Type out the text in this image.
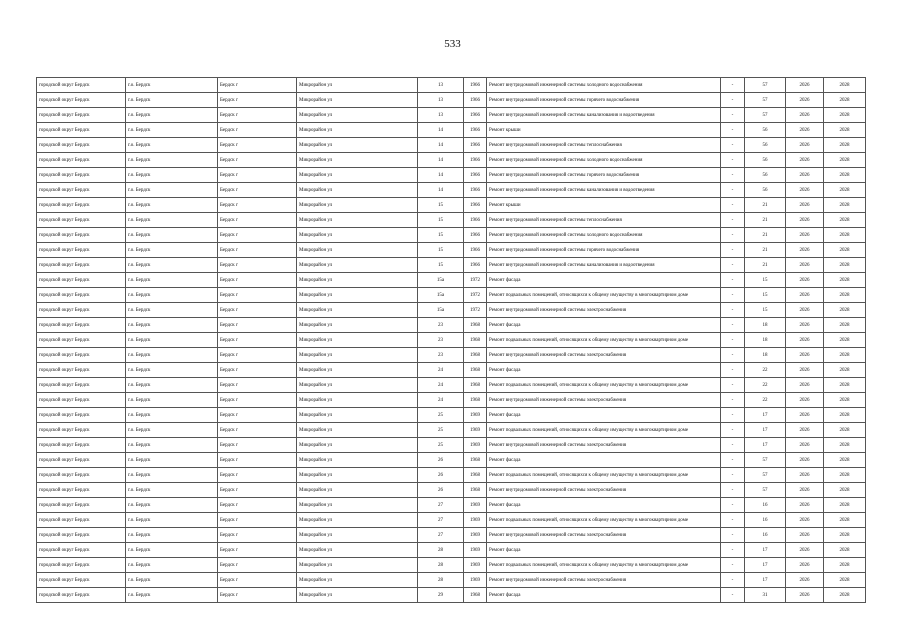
533
городской округ Бердск	г.о. Бердск	Бердск г	Микрорайон ул	13	1966	Ремонт внутридомовой инженерной системы холодного водоснабжения	-	57	2026	2028
городской округ Бердск	г.о. Бердск	Бердск г	Микрорайон ул	13	1966	Ремонт внутридомовой инженерной системы горячего водоснабжения	-	57	2026	2028
городской округ Бердск	г.о. Бердск	Бердск г	Микрорайон ул	13	1966	Ремонт внутридомовой инженерной системы канализования и водоотведения	-	57	2026	2028
городской округ Бердск	г.о. Бердск	Бердск г	Микрорайон ул	14	1966	Ремонт крыши	-	56	2026	2028
городской округ Бердск	г.о. Бердск	Бердск г	Микрорайон ул	14	1966	Ремонт внутридомовой инженерной системы теплоснабжения	-	56	2026	2028
городской округ Бердск	г.о. Бердск	Бердск г	Микрорайон ул	14	1966	Ремонт внутридомовой инженерной системы холодного водоснабжения	-	56	2026	2028
городской округ Бердск	г.о. Бердск	Бердск г	Микрорайон ул	14	1966	Ремонт внутридомовой инженерной системы горячего водоснабжения	-	56	2026	2028
городской округ Бердск	г.о. Бердск	Бердск г	Микрорайон ул	14	1966	Ремонт внутридомовой инженерной системы канализования и водоотведения	-	56	2026	2028
городской округ Бердск	г.о. Бердск	Бердск г	Микрорайон ул	15	1966	Ремонт крыши	-	21	2026	2028
городской округ Бердск	г.о. Бердск	Бердск г	Микрорайон ул	15	1966	Ремонт внутридомовой инженерной системы теплоснабжения	-	21	2026	2028
городской округ Бердск	г.о. Бердск	Бердск г	Микрорайон ул	15	1966	Ремонт внутридомовой инженерной системы холодного водоснабжения	-	21	2026	2028
городской округ Бердск	г.о. Бердск	Бердск г	Микрорайон ул	15	1966	Ремонт внутридомовой инженерной системы горячего водоснабжения	-	21	2026	2028
городской округ Бердск	г.о. Бердск	Бердск г	Микрорайон ул	15	1966	Ремонт внутридомовой инженерной системы канализования и водоотведения	-	21	2026	2028
городской округ Бердск	г.о. Бердск	Бердск г	Микрорайон ул	15а	1972	Ремонт фасада	-	15	2026	2028
городской округ Бердск	г.о. Бердск	Бердск г	Микрорайон ул	15а	1972	Ремонт подвальных помещений, относящихся к общему имуществу в многоквартирном доме	-	15	2026	2028
городской округ Бердск	г.о. Бердск	Бердск г	Микрорайон ул	15а	1972	Ремонт внутридомовой инженерной системы электроснабжения	-	15	2026	2028
городской округ Бердск	г.о. Бердск	Бердск г	Микрорайон ул	23	1968	Ремонт фасада	-	18	2026	2028
городской округ Бердск	г.о. Бердск	Бердск г	Микрорайон ул	23	1968	Ремонт подвальных помещений, относящихся к общему имуществу в многоквартирном доме	-	18	2026	2028
городской округ Бердск	г.о. Бердск	Бердск г	Микрорайон ул	23	1968	Ремонт внутридомовой инженерной системы электроснабжения	-	18	2026	2028
городской округ Бердск	г.о. Бердск	Бердск г	Микрорайон ул	24	1968	Ремонт фасада	-	22	2026	2028
городской округ Бердск	г.о. Бердск	Бердск г	Микрорайон ул	24	1968	Ремонт подвальных помещений, относящихся к общему имуществу в многоквартирном доме	-	22	2026	2028
городской округ Бердск	г.о. Бердск	Бердск г	Микрорайон ул	24	1968	Ремонт внутридомовой инженерной системы электроснабжения	-	22	2026	2028
городской округ Бердск	г.о. Бердск	Бердск г	Микрорайон ул	25	1969	Ремонт фасада	-	17	2026	2028
городской округ Бердск	г.о. Бердск	Бердск г	Микрорайон ул	25	1969	Ремонт подвальных помещений, относящихся к общему имуществу в многоквартирном доме	-	17	2026	2028
городской округ Бердск	г.о. Бердск	Бердск г	Микрорайон ул	25	1969	Ремонт внутридомовой инженерной системы электроснабжения	-	17	2026	2028
городской округ Бердск	г.о. Бердск	Бердск г	Микрорайон ул	26	1968	Ремонт фасада	-	57	2026	2028
городской округ Бердск	г.о. Бердск	Бердск г	Микрорайон ул	26	1968	Ремонт подвальных помещений, относящихся к общему имуществу в многоквартирном доме	-	57	2026	2028
городской округ Бердск	г.о. Бердск	Бердск г	Микрорайон ул	26	1968	Ремонт внутридомовой инженерной системы электроснабжения	-	57	2026	2028
городской округ Бердск	г.о. Бердск	Бердск г	Микрорайон ул	27	1969	Ремонт фасада	-	16	2026	2028
городской округ Бердск	г.о. Бердск	Бердск г	Микрорайон ул	27	1969	Ремонт подвальных помещений, относящихся к общему имуществу в многоквартирном доме	-	16	2026	2028
городской округ Бердск	г.о. Бердск	Бердск г	Микрорайон ул	27	1969	Ремонт внутридомовой инженерной системы электроснабжения	-	16	2026	2028
городской округ Бердск	г.о. Бердск	Бердск г	Микрорайон ул	28	1969	Ремонт фасада	-	17	2026	2028
городской округ Бердск	г.о. Бердск	Бердск г	Микрорайон ул	28	1969	Ремонт подвальных помещений, относящихся к общему имуществу в многоквартирном доме	-	17	2026	2028
городской округ Бердск	г.о. Бердск	Бердск г	Микрорайон ул	28	1969	Ремонт внутридомовой инженерной системы электроснабжения	-	17	2026	2028
городской округ Бердск	г.о. Бердск	Бердск г	Микрорайон ул	29	1968	Ремонт фасада	-	31	2026	2028
